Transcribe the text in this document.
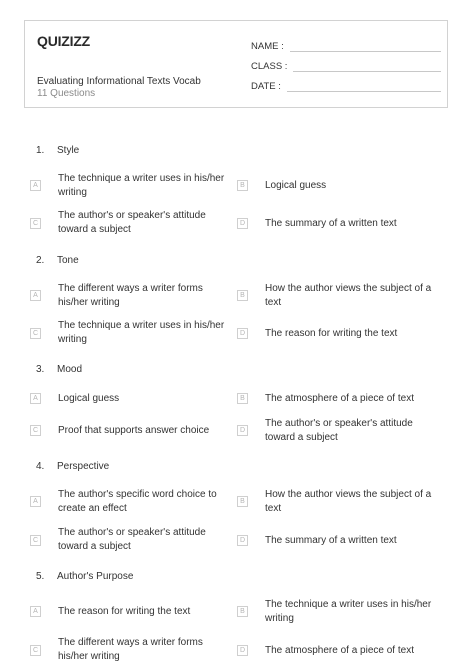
QUIZIZZ
Evaluating Informational Texts Vocab
11 Questions
NAME :
CLASS :
DATE :
1. Style
A
The technique a writer uses in his/her writing
B	Logical guess
C
The author's or speaker's attitude toward a subject
D The summary of a written text
2. Tone
A
The different ways a writer forms his/her writing
B
How the author views the subject of a text
C
The technique a writer uses in his/her writing
D The reason for writing the text
3. Mood
A	Logical guess	B	The atmosphere of a piece of text
C Proof that supports answer choice	D
The author's or speaker's attitude toward a subject
4. Perspective
A
The author's specific word choice to create an effect
B
How the author views the subject of a text
C
The author's or speaker's attitude toward a subject
D The summary of a written text
5. Author's Purpose
A	The reason for writing the text	B
The technique a writer uses in his/her writing
C
The different ways a writer forms his/her writing
D The atmosphere of a piece of text
